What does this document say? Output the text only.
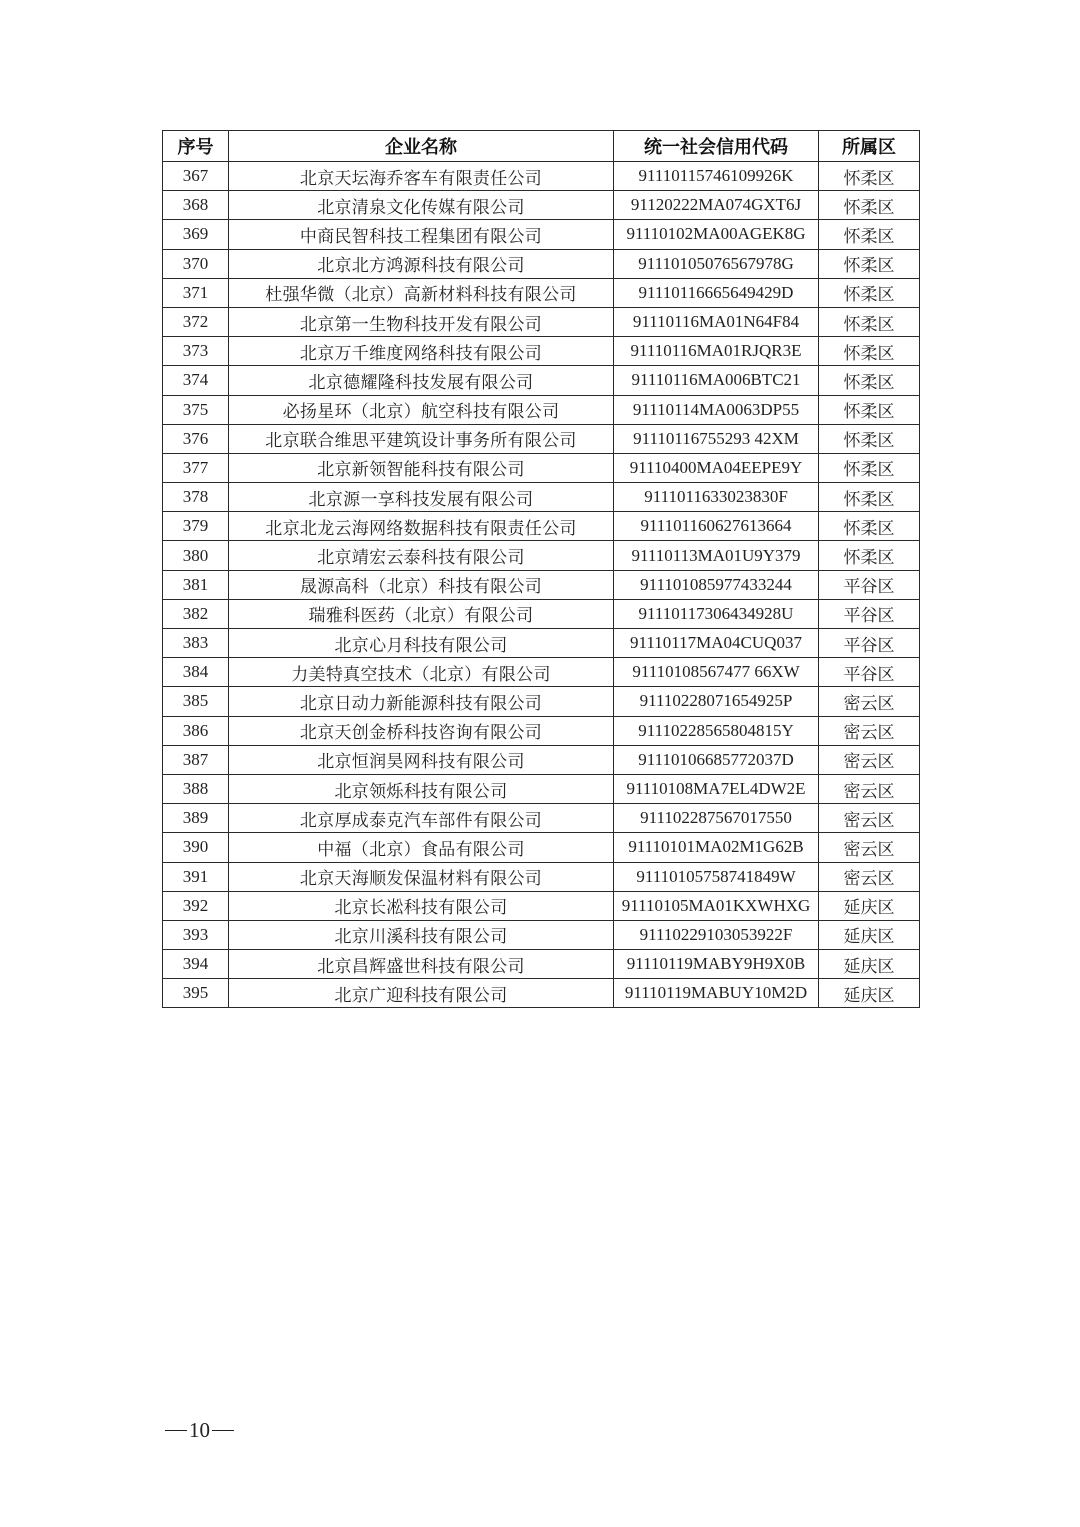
序号	企业名称	统一社会信用代码	所属区
367	北京天坛海乔客车有限责任公司	91110115746109926K	怀柔区
368	北京清泉文化传媒有限公司	91120222MA074GXT6J	怀柔区
369	中商民智科技工程集团有限公司	91110102MA00AGEK8G	怀柔区
370	北京北方鸿源科技有限公司	91110105076567978G	怀柔区
371	杜强华微（北京）高新材料科技有限公司	91110116665649429D	怀柔区
372	北京第一生物科技开发有限公司	91110116MA01N64F84	怀柔区
373	北京万千维度网络科技有限公司	91110116MA01RJQR3E	怀柔区
374	北京德耀隆科技发展有限公司	91110116MA006BTC21	怀柔区
375	必扬星环（北京）航空科技有限公司	91110114MA0063DP55	怀柔区
376	北京联合维思平建筑设计事务所有限公司	91110116755293 42XM	怀柔区
377	北京新领智能科技有限公司	91110400MA04EEPE9Y	怀柔区
378	北京源一享科技发展有限公司	9111011633023830F	怀柔区
379	北京北龙云海网络数据科技有限责任公司	911101160627613664	怀柔区
380	北京靖宏云泰科技有限公司	91110113MA01U9Y379	怀柔区
381	晟源高科（北京）科技有限公司	911101085977433244	平谷区
382	瑞雅科医药（北京）有限公司	91110117306434928U	平谷区
383	北京心月科技有限公司	91110117MA04CUQ037	平谷区
384	力美特真空技术（北京）有限公司	91110108567477 66XW	平谷区
385	北京日动力新能源科技有限公司	91110228071654925P	密云区
386	北京天创金桥科技咨询有限公司	91110228565804815Y	密云区
387	北京恒润昊网科技有限公司	91110106685772037D	密云区
388	北京领烁科技有限公司	91110108MA7EL4DW2E	密云区
389	北京厚成泰克汽车部件有限公司	911102287567017550	密云区
390	中福（北京）食品有限公司	91110101MA02M1G62B	密云区
391	北京天海顺发保温材料有限公司	91110105758741849W	密云区
392	北京长凇科技有限公司	91110105MA01KXWHXG	延庆区
393	北京川溪科技有限公司	91110229103053922F	延庆区
394	北京昌辉盛世科技有限公司	91110119MABY9H9X0B	延庆区
395	北京广迎科技有限公司	91110119MABUY10M2D	延庆区
10
